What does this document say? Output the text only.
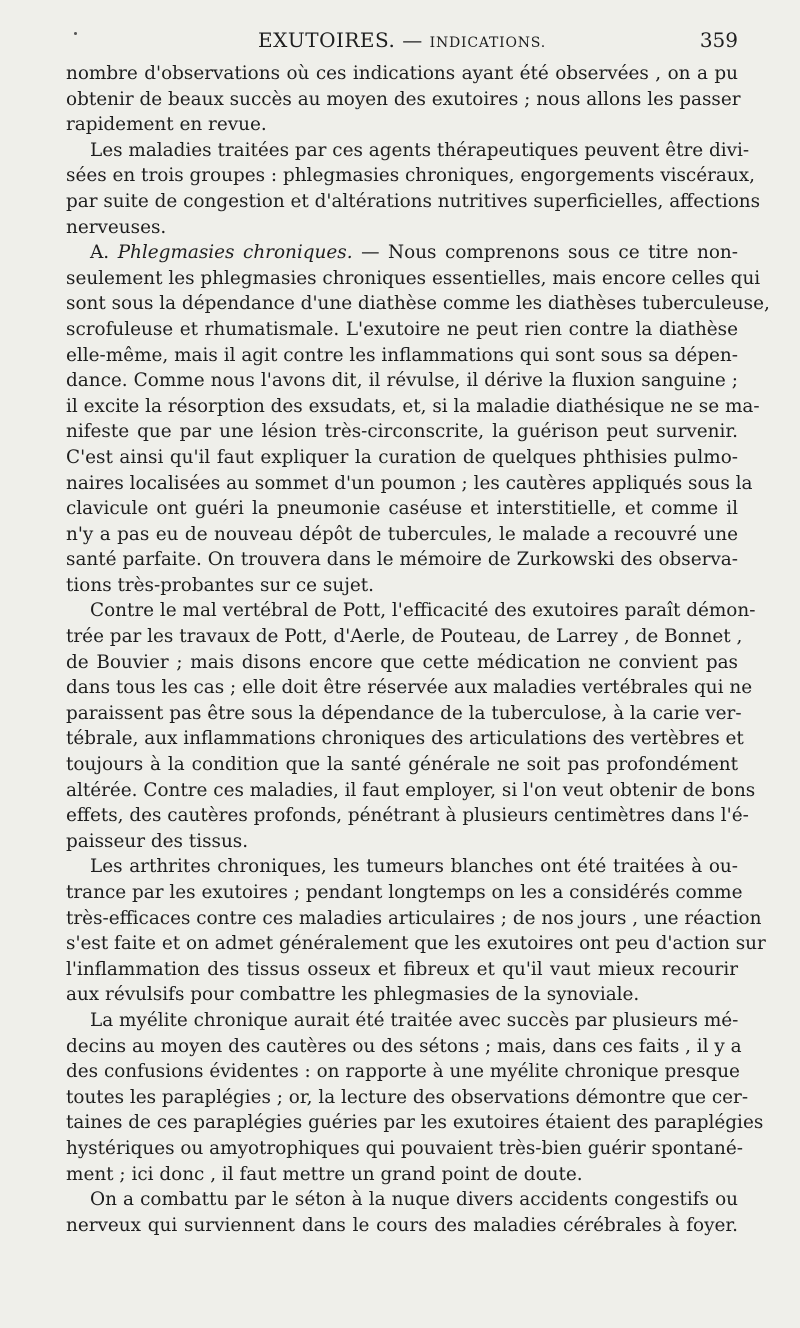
EXUTOIRES. — INDICATIONS.	359
nombre d'observations où ces indications ayant été observées , on a pu
obtenir de beaux succès au moyen des exutoires ; nous allons les passer
rapidement en revue.
Les maladies traitées par ces agents thérapeutiques peuvent être divi-
sées en trois groupes : phlegmasies chroniques, engorgements viscéraux,
par suite de congestion et d'altérations nutritives superficielles, affections
nerveuses.
A. Phlegmasies chroniques. — Nous comprenons sous ce titre non-
seulement les phlegmasies chroniques essentielles, mais encore celles qui
sont sous la dépendance d'une diathèse comme les diathèses tuberculeuse,
scrofuleuse et rhumatismale. L'exutoire ne peut rien contre la diathèse
elle-même, mais il agit contre les inflammations qui sont sous sa dépen-
dance. Comme nous l'avons dit, il révulse, il dérive la fluxion sanguine ;
il excite la résorption des exsudats, et, si la maladie diathésique ne se ma-
nifeste que par une lésion très-circonscrite, la guérison peut survenir.
C'est ainsi qu'il faut expliquer la curation de quelques phthisies pulmo-
naires localisées au sommet d'un poumon ; les cautères appliqués sous la
clavicule ont guéri la pneumonie caséuse et interstitielle, et comme il
n'y a pas eu de nouveau dépôt de tubercules, le malade a recouvré une
santé parfaite. On trouvera dans le mémoire de Zurkowski des observa-
tions très-probantes sur ce sujet.
Contre le mal vertébral de Pott, l'efficacité des exutoires paraît démon-
trée par les travaux de Pott, d'Aerle, de Pouteau, de Larrey , de Bonnet ,
de Bouvier ; mais disons encore que cette médication ne convient pas
dans tous les cas ; elle doit être réservée aux maladies vertébrales qui ne
paraissent pas être sous la dépendance de la tuberculose, à la carie ver-
tébrale, aux inflammations chroniques des articulations des vertèbres et
toujours à la condition que la santé générale ne soit pas profondément
altérée. Contre ces maladies, il faut employer, si l'on veut obtenir de bons
effets, des cautères profonds, pénétrant à plusieurs centimètres dans l'é-
paisseur des tissus.
Les arthrites chroniques, les tumeurs blanches ont été traitées à ou-
trance par les exutoires ; pendant longtemps on les a considérés comme
très-efficaces contre ces maladies articulaires ; de nos jours , une réaction
s'est faite et on admet généralement que les exutoires ont peu d'action sur
l'inflammation des tissus osseux et fibreux et qu'il vaut mieux recourir
aux révulsifs pour combattre les phlegmasies de la synoviale.
La myélite chronique aurait été traitée avec succès par plusieurs mé-
decins au moyen des cautères ou des sétons ; mais, dans ces faits , il y a
des confusions évidentes : on rapporte à une myélite chronique presque
toutes les paraplégies ; or, la lecture des observations démontre que cer-
taines de ces paraplégies guéries par les exutoires étaient des paraplégies
hystériques ou amyotrophiques qui pouvaient très-bien guérir spontané-
ment ; ici donc , il faut mettre un grand point de doute.
On a combattu par le séton à la nuque divers accidents congestifs ou
nerveux qui surviennent dans le cours des maladies cérébrales à foyer.
